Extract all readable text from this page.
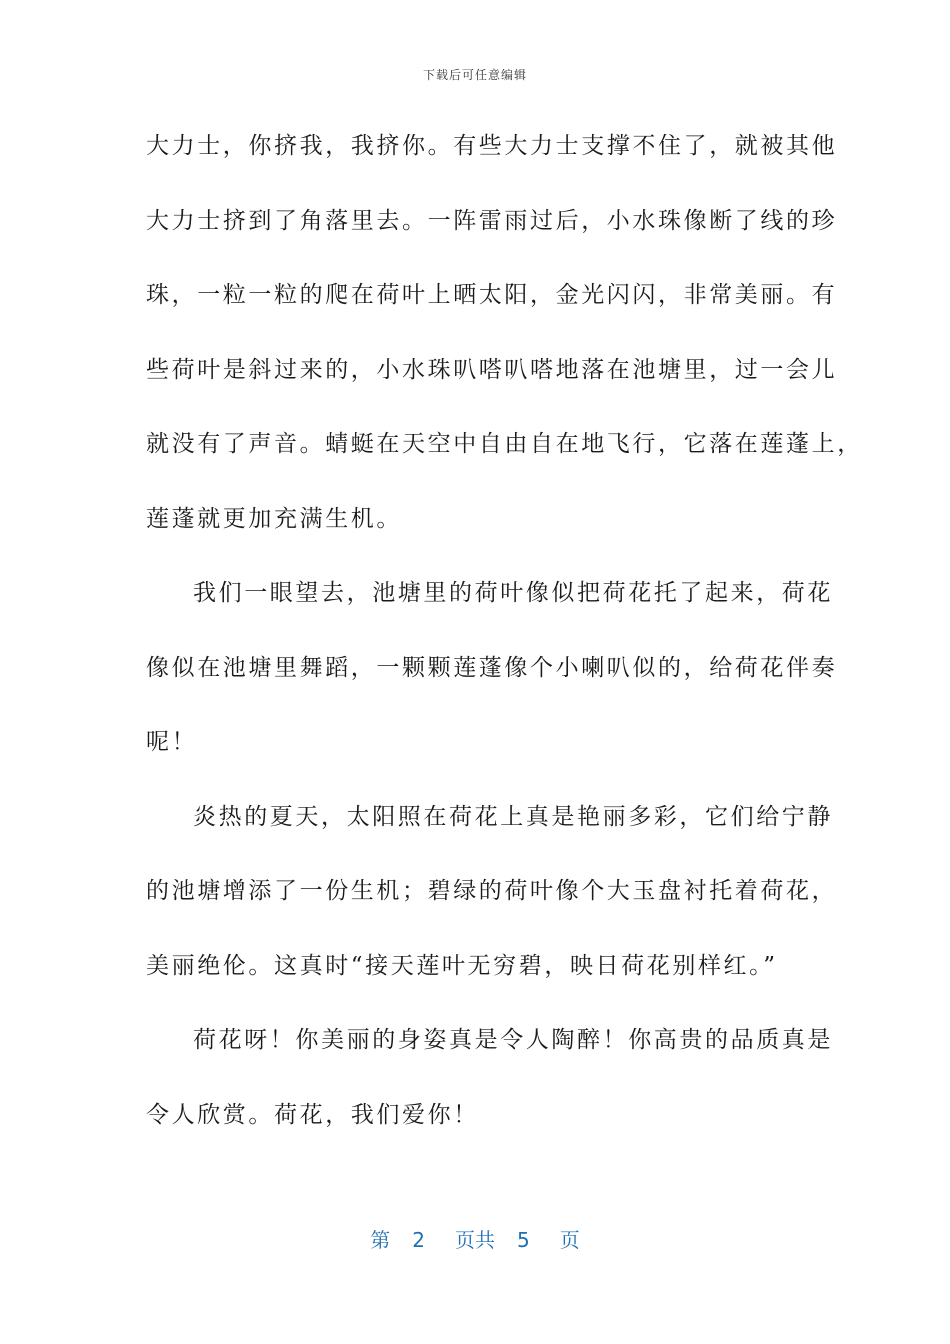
下载后可任意编辑
大力士，你挤我，我挤你。有些大力士支撑不住了，就被其他
大力士挤到了角落里去。一阵雷雨过后，小水珠像断了线的珍
珠，一粒一粒的爬在荷叶上晒太阳，金光闪闪，非常美丽。有
些荷叶是斜过来的，小水珠叭嗒叭嗒地落在池塘里，过一会儿
就没有了声音。蜻蜓在天空中自由自在地飞行，它落在莲蓬上，
莲蓬就更加充满生机。
我们一眼望去，池塘里的荷叶像似把荷花托了起来，荷花
像似在池塘里舞蹈，一颗颗莲蓬像个小喇叭似的，给荷花伴奏
呢！
炎热的夏天，太阳照在荷花上真是艳丽多彩，它们给宁静
的池塘增添了一份生机；碧绿的荷叶像个大玉盘衬托着荷花，
美丽绝伦。这真时“接天莲叶无穷碧，映日荷花别样红。”
荷花呀！你美丽的身姿真是令人陶醉！你高贵的品质真是
令人欣赏。荷花，我们爱你！
第 2 页共 5 页
